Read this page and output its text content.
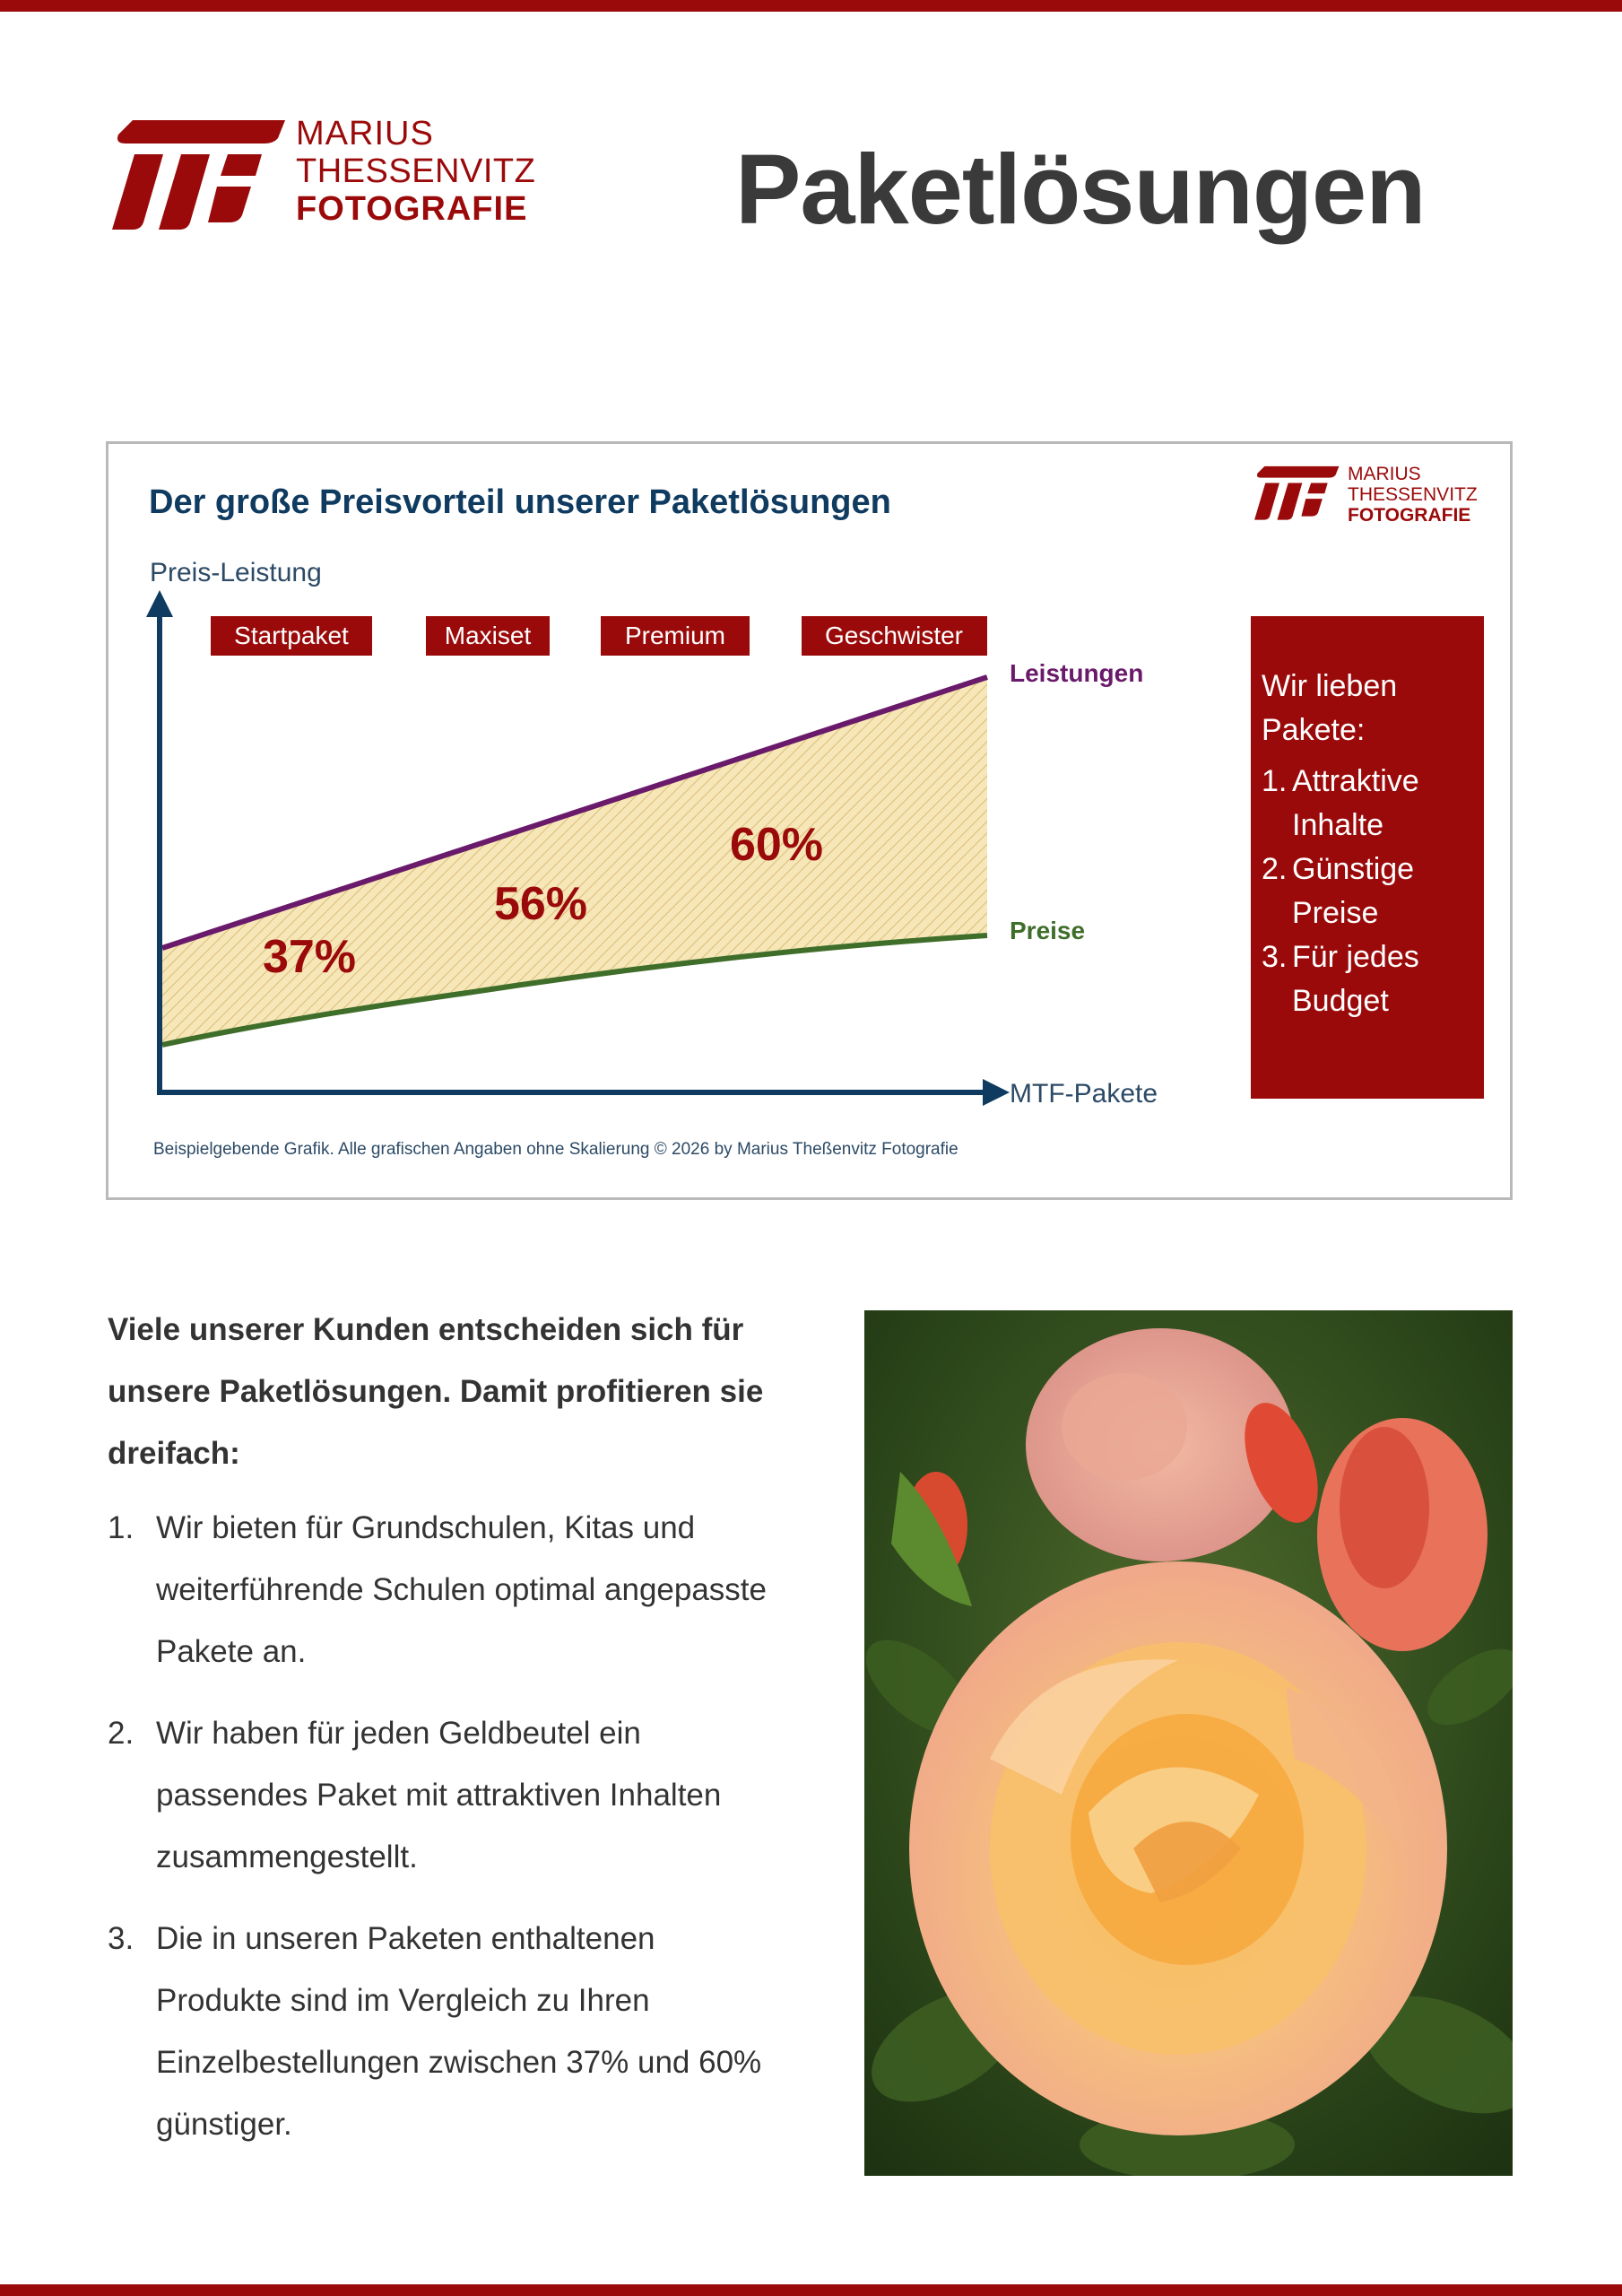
MARIUS
THESSENVITZ
FOTOGRAFIE Paketlösungen
Der große Preisvorteil unserer Paketlösungen
MARIUS
THESSENVITZ
FOTOGRAFIE
Preis-Leistung
Leistungen
Preise
MTF-Pakete
Startpaket	Maxiset	Premium	Geschwister
37%
56%
60%

Wir lieben Pakete:

1. Attraktive Inhalte
2. Günstige Preise
3. Für jedes Budget
Beispielgebende Grafik. Alle grafischen Angaben ohne Skalierung © 2026 by Marius Theßenvitz Fotografie

Viele unserer Kunden entscheiden sich für unsere Paketlösungen. Damit profitieren sie dreifach:

1. Wir bieten für Grundschulen, Kitas und weiterführende Schulen optimal angepasste Pakete an.
2. Wir haben für jeden Geldbeutel ein passendes Paket mit attraktiven Inhalten zusammengestellt.
3. Die in unseren Paketen enthaltenen Produkte sind im Vergleich zu Ihren Einzelbestellungen zwischen 37% und 60% günstiger.
